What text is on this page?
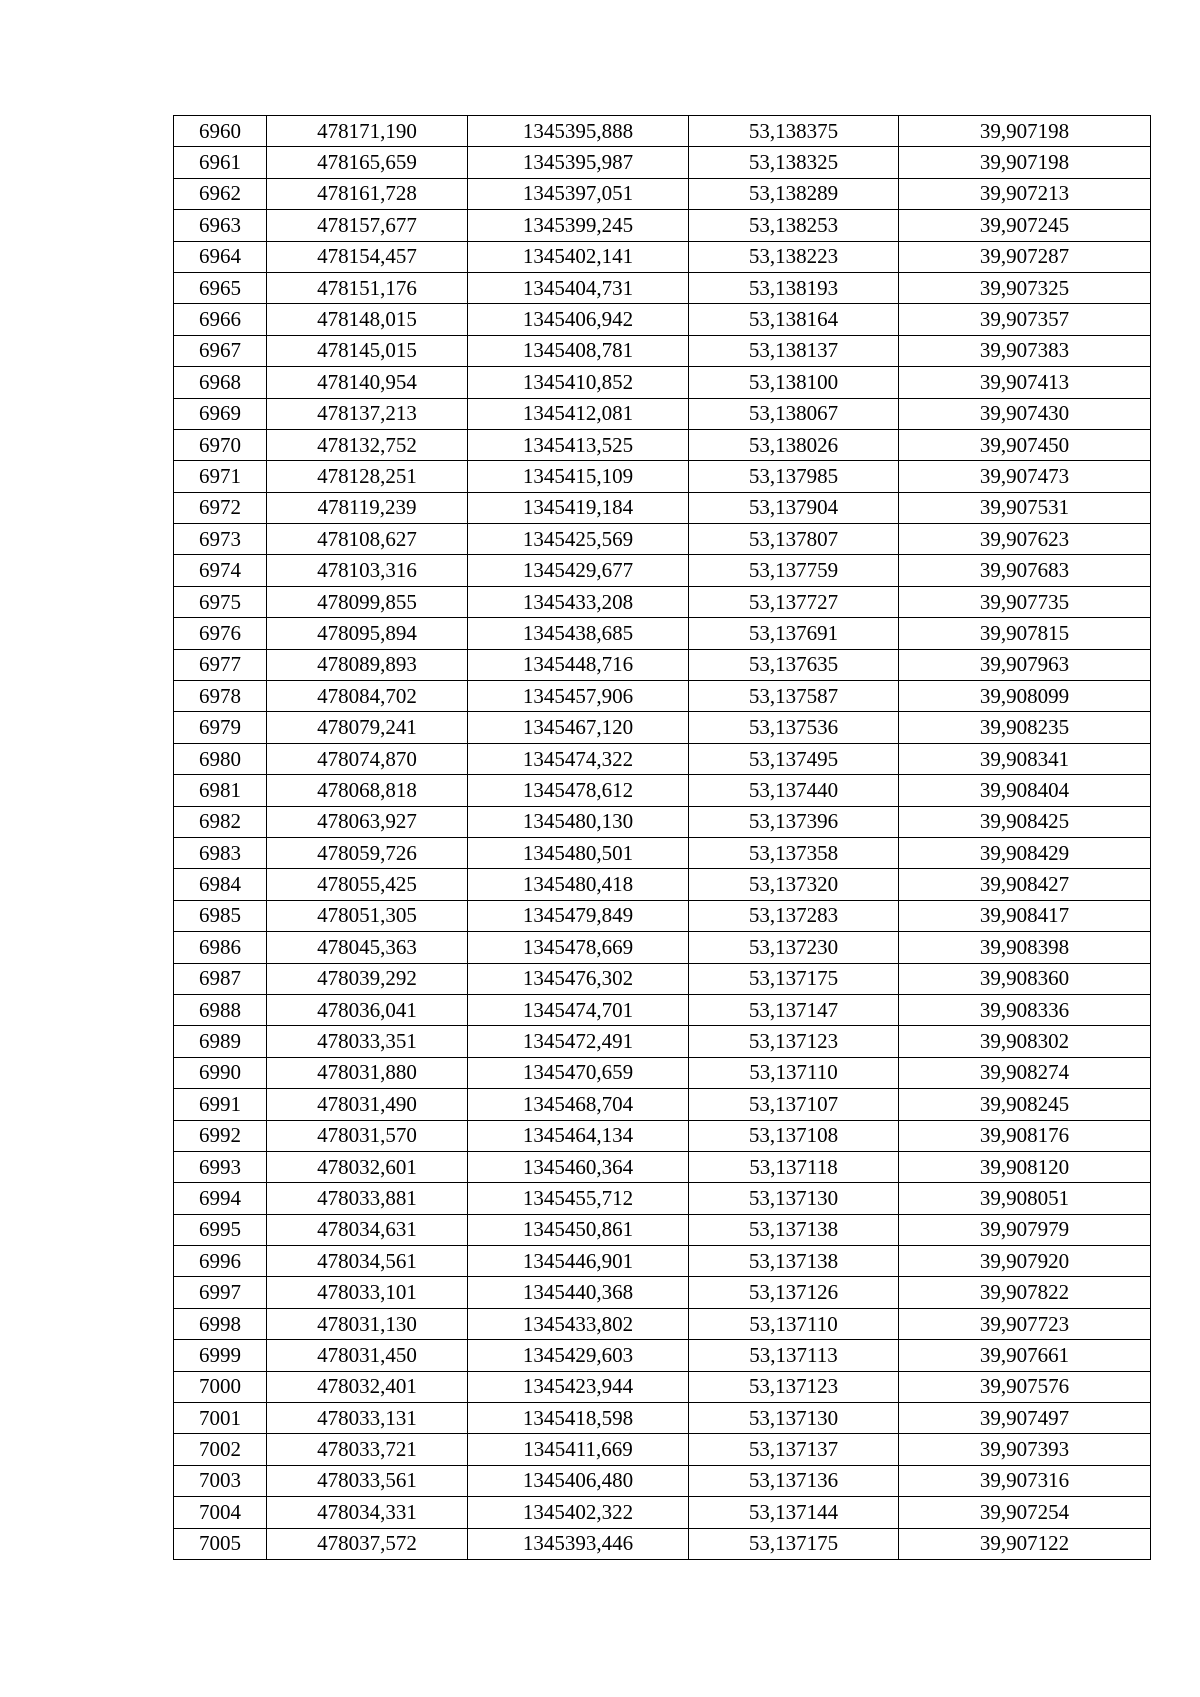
6960	478171,190	1345395,888	53,138375	39,907198
6961	478165,659	1345395,987	53,138325	39,907198
6962	478161,728	1345397,051	53,138289	39,907213
6963	478157,677	1345399,245	53,138253	39,907245
6964	478154,457	1345402,141	53,138223	39,907287
6965	478151,176	1345404,731	53,138193	39,907325
6966	478148,015	1345406,942	53,138164	39,907357
6967	478145,015	1345408,781	53,138137	39,907383
6968	478140,954	1345410,852	53,138100	39,907413
6969	478137,213	1345412,081	53,138067	39,907430
6970	478132,752	1345413,525	53,138026	39,907450
6971	478128,251	1345415,109	53,137985	39,907473
6972	478119,239	1345419,184	53,137904	39,907531
6973	478108,627	1345425,569	53,137807	39,907623
6974	478103,316	1345429,677	53,137759	39,907683
6975	478099,855	1345433,208	53,137727	39,907735
6976	478095,894	1345438,685	53,137691	39,907815
6977	478089,893	1345448,716	53,137635	39,907963
6978	478084,702	1345457,906	53,137587	39,908099
6979	478079,241	1345467,120	53,137536	39,908235
6980	478074,870	1345474,322	53,137495	39,908341
6981	478068,818	1345478,612	53,137440	39,908404
6982	478063,927	1345480,130	53,137396	39,908425
6983	478059,726	1345480,501	53,137358	39,908429
6984	478055,425	1345480,418	53,137320	39,908427
6985	478051,305	1345479,849	53,137283	39,908417
6986	478045,363	1345478,669	53,137230	39,908398
6987	478039,292	1345476,302	53,137175	39,908360
6988	478036,041	1345474,701	53,137147	39,908336
6989	478033,351	1345472,491	53,137123	39,908302
6990	478031,880	1345470,659	53,137110	39,908274
6991	478031,490	1345468,704	53,137107	39,908245
6992	478031,570	1345464,134	53,137108	39,908176
6993	478032,601	1345460,364	53,137118	39,908120
6994	478033,881	1345455,712	53,137130	39,908051
6995	478034,631	1345450,861	53,137138	39,907979
6996	478034,561	1345446,901	53,137138	39,907920
6997	478033,101	1345440,368	53,137126	39,907822
6998	478031,130	1345433,802	53,137110	39,907723
6999	478031,450	1345429,603	53,137113	39,907661
7000	478032,401	1345423,944	53,137123	39,907576
7001	478033,131	1345418,598	53,137130	39,907497
7002	478033,721	1345411,669	53,137137	39,907393
7003	478033,561	1345406,480	53,137136	39,907316
7004	478034,331	1345402,322	53,137144	39,907254
7005	478037,572	1345393,446	53,137175	39,907122
